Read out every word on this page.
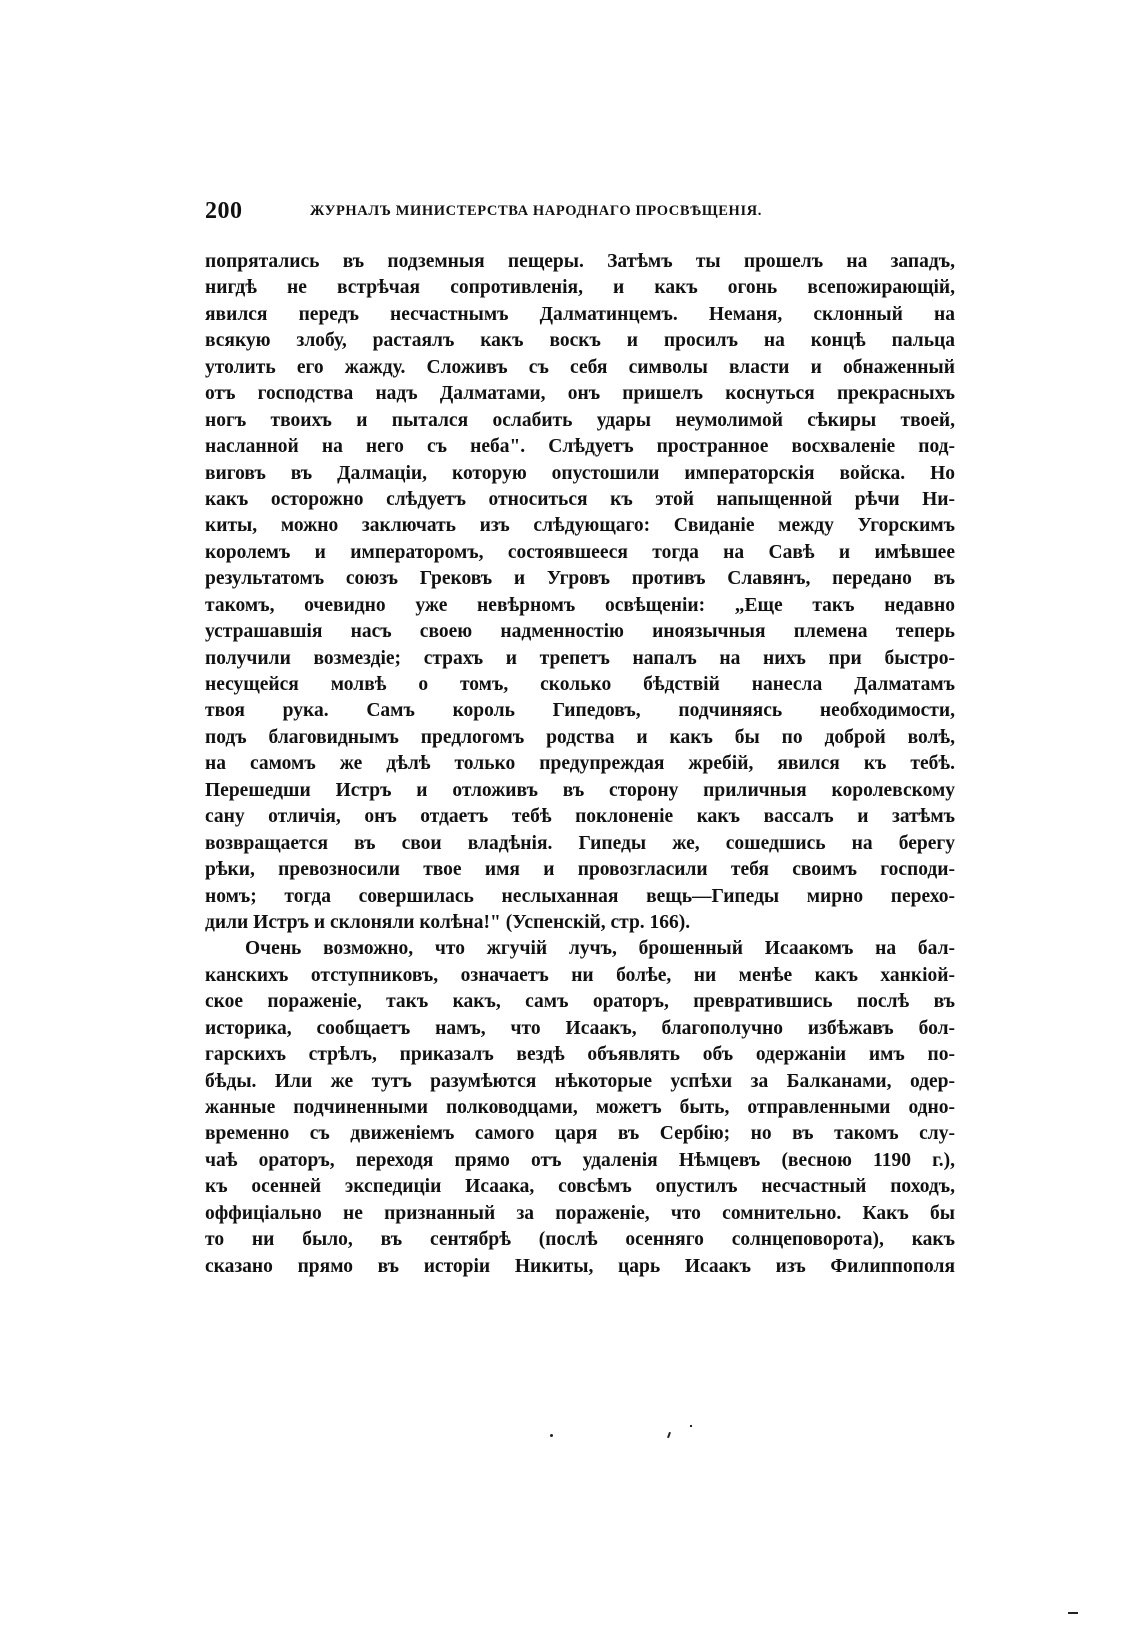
200	ЖУРНАЛЪ МИНИСТЕРСТВА НАРОДНАГО ПРОСВѢЩЕНІЯ.
попрятались въ подземныя пещеры. Затѣмъ ты прошелъ на западъ,
нигдѣ не встрѣчая сопротивленія, и какъ огонь всепожирающій,
явился передъ несчастнымъ Далматинцемъ. Неманя, склонный на
всякую злобу, растаялъ какъ воскъ и просилъ на концѣ пальца
утолить его жажду. Сложивъ съ себя символы власти и обнаженный
отъ господства надъ Далматами, онъ пришелъ коснуться прекрасныхъ
ногъ твоихъ и пытался ослабить удары неумолимой сѣкиры твоей,
насланной на него съ неба". Слѣдуетъ пространное восхваленіе под-
виговъ въ Далмаціи, которую опустошили императорскія войска. Но
какъ осторожно слѣдуетъ относиться къ этой напыщенной рѣчи Ни-
киты, можно заключать изъ слѣдующаго: Свиданіе между Угорскимъ
королемъ и императоромъ, состоявшееся тогда на Савѣ и имѣвшее
результатомъ союзъ Грековъ и Угровъ противъ Славянъ, передано въ
такомъ, очевидно уже невѣрномъ освѣщеніи: „Еще такъ недавно
устрашавшія насъ своею надменностію иноязычныя племена теперь
получили возмездіе; страхъ и трепетъ напалъ на нихъ при быстро-
несущейся молвѣ о томъ, сколько бѣдствій нанесла Далматамъ
твоя рука. Самъ король Гипедовъ, подчиняясь необходимости,
подъ благовиднымъ предлогомъ родства и какъ бы по доброй волѣ,
на самомъ же дѣлѣ только предупреждая жребій, явился къ тебѣ.
Перешедши Истръ и отложивъ въ сторону приличныя королевскому
сану отличія, онъ отдаетъ тебѣ поклоненіе какъ вассалъ и затѣмъ
возвращается въ свои владѣнія. Гипеды же, сошедшись на берегу
рѣки, превозносили твое имя и провозгласили тебя своимъ господи-
номъ; тогда совершилась неслыханная вещь—Гипеды мирно перехо-
дили Истръ и склоняли колѣна!" (Успенскій, стр. 166).
Очень возможно, что жгучій лучъ, брошенный Исаакомъ на бал-
канскихъ отступниковъ, означаетъ ни болѣе, ни менѣе какъ ханкіой-
ское пораженіе, такъ какъ, самъ ораторъ, превратившись послѣ въ
историка, сообщаетъ намъ, что Исаакъ, благополучно избѣжавъ бол-
гарскихъ стрѣлъ, приказалъ вездѣ объявлять объ одержаніи имъ по-
бѣды. Или же тутъ разумѣются нѣкоторые успѣхи за Балканами, одер-
жанные подчиненными полководцами, можетъ быть, отправленными одно-
временно съ движеніемъ самого царя въ Сербію; но въ такомъ слу-
чаѣ ораторъ, переходя прямо отъ удаленія Нѣмцевъ (весною 1190 г.),
къ осенней экспедиціи Исаака, совсѣмъ опустилъ несчастный походъ,
оффиціально не признанный за пораженіе, что сомнительно. Какъ бы
то ни было, въ сентябрѣ (послѣ осенняго солнцеповорота), какъ
сказано прямо въ исторіи Никиты, царь Исаакъ изъ Филиппополя
